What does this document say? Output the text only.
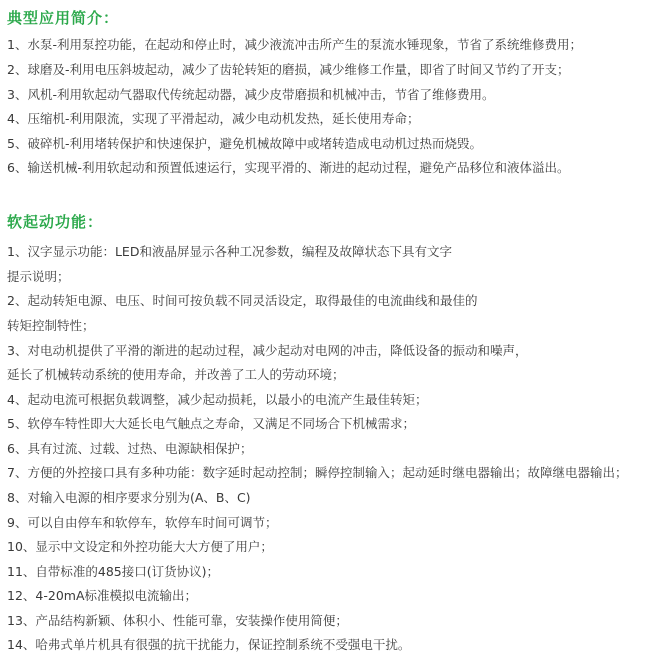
典型应用简介：
1、水泵-利用泵控功能，在起动和停止时，减少液流冲击所产生的泵流水锤现象，节省了系统维修费用；
2、球磨及-利用电压斜坡起动，减少了齿轮转矩的磨损，减少维修工作量，即省了时间又节约了开支；
3、风机-利用软起动气器取代传统起动器，减少皮带磨损和机械冲击，节省了维修费用。
4、压缩机-利用限流，实现了平滑起动，减少电动机发热，延长使用寿命；
5、破碎机-利用堵转保护和快速保护，避免机械故障中或堵转造成电动机过热而烧毁。
6、输送机械-利用软起动和预置低速运行，实现平滑的、渐进的起动过程，避免产品移位和液体溢出。
软起动功能：
1、汉字显示功能：LED和液晶屏显示各种工况参数，编程及故障状态下具有文字
提示说明；
2、起动转矩电源、电压、时间可按负载不同灵活设定，取得最佳的电流曲线和最佳的
转矩控制特性；
3、对电动机提供了平滑的渐进的起动过程，减少起动对电网的冲击，降低设备的振动和噪声，
延长了机械转动系统的使用寿命，并改善了工人的劳动环境；
4、起动电流可根据负载调整，减少起动损耗，以最小的电流产生最佳转矩；
5、软停车特性即大大延长电气触点之寿命，又满足不同场合下机械需求；
6、具有过流、过载、过热、电源缺相保护；
7、方便的外控接口具有多种功能：数字延时起动控制；瞬停控制输入；起动延时继电器输出；故障继电器输出；
8、对输入电源的相序要求分别为(A、B、C)
9、可以自由停车和软停车，软停车时间可调节；
10、显示中文设定和外控功能大大方便了用户；
11、自带标准的485接口(订货协议)；
12、4-20mA标准模拟电流输出；
13、产品结构新颖、体积小、性能可靠，安装操作使用简便；
14、哈弗式单片机具有很强的抗干扰能力，保证控制系统不受强电干扰。
